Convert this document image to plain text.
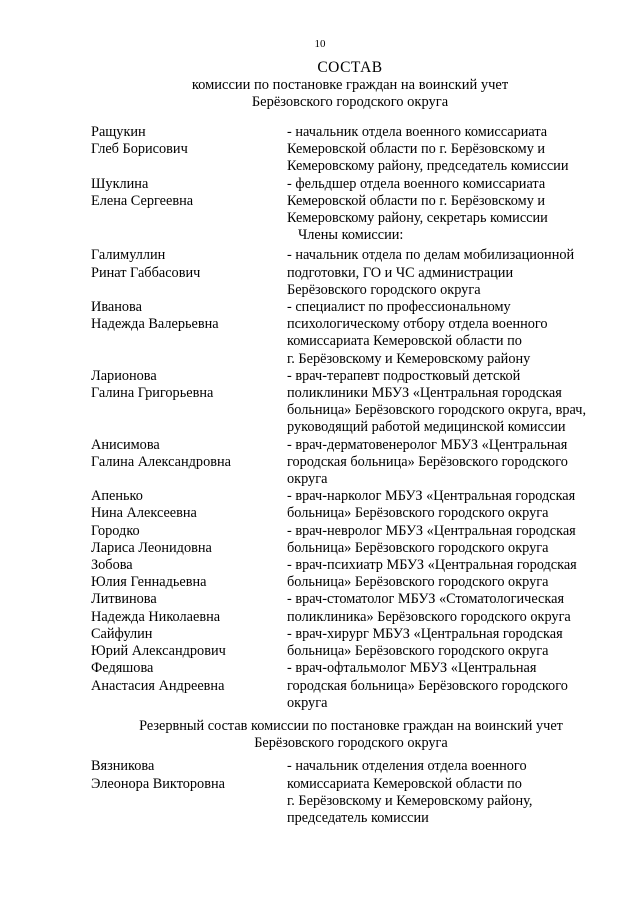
10
СОСТАВ
комиссии по постановке граждан на воинский учет
Берёзовского городского округа
Ращукин
Глеб Борисович
- начальник отдела военного комиссариата
Кемеровской области по г. Берёзовскому и
Кемеровскому району, председатель комиссии
Шуклина
Елена Сергеевна
- фельдшер отдела военного комиссариата
Кемеровской области по г. Берёзовскому и
Кемеровскому району, секретарь комиссии
Члены комиссии:
Галимуллин
Ринат Габбасович
- начальник отдела по делам мобилизационной
подготовки, ГО и ЧС администрации
Берёзовского городского округа
Иванова
Надежда Валерьевна
- специалист по профессиональному
психологическому отбору отдела военного
комиссариата Кемеровской области по
г. Берёзовскому и Кемеровскому району
Ларионова
Галина Григорьевна
- врач-терапевт подростковый детской
поликлиники МБУЗ «Центральная городская
больница» Берёзовского городского округа, врач,
руководящий работой медицинской комиссии
Анисимова
Галина Александровна
- врач-дерматовенеролог МБУЗ «Центральная
городская больница» Берёзовского городского
округа
Апенько
Нина Алексеевна
- врач-нарколог МБУЗ «Центральная городская
больница» Берёзовского городского округа
Городко
Лариса Леонидовна
- врач-невролог МБУЗ «Центральная городская
больница» Берёзовского городского округа
Зобова
Юлия Геннадьевна
- врач-психиатр МБУЗ «Центральная городская
больница» Берёзовского городского округа
Литвинова
Надежда Николаевна
- врач-стоматолог МБУЗ «Стоматологическая
поликлиника» Берёзовского городского округа
Сайфулин
Юрий Александрович
- врач-хирург МБУЗ «Центральная городская
больница» Берёзовского городского округа
Федяшова
Анастасия Андреевна
- врач-офтальмолог МБУЗ «Центральная
городская больница» Берёзовского городского
округа
Резервный состав комиссии по постановке граждан на воинский учет
Берёзовского городского округа
Вязникова
Элеонора Викторовна
- начальник отделения отдела военного
комиссариата Кемеровской области по
г. Берёзовскому и Кемеровскому району,
председатель комиссии
